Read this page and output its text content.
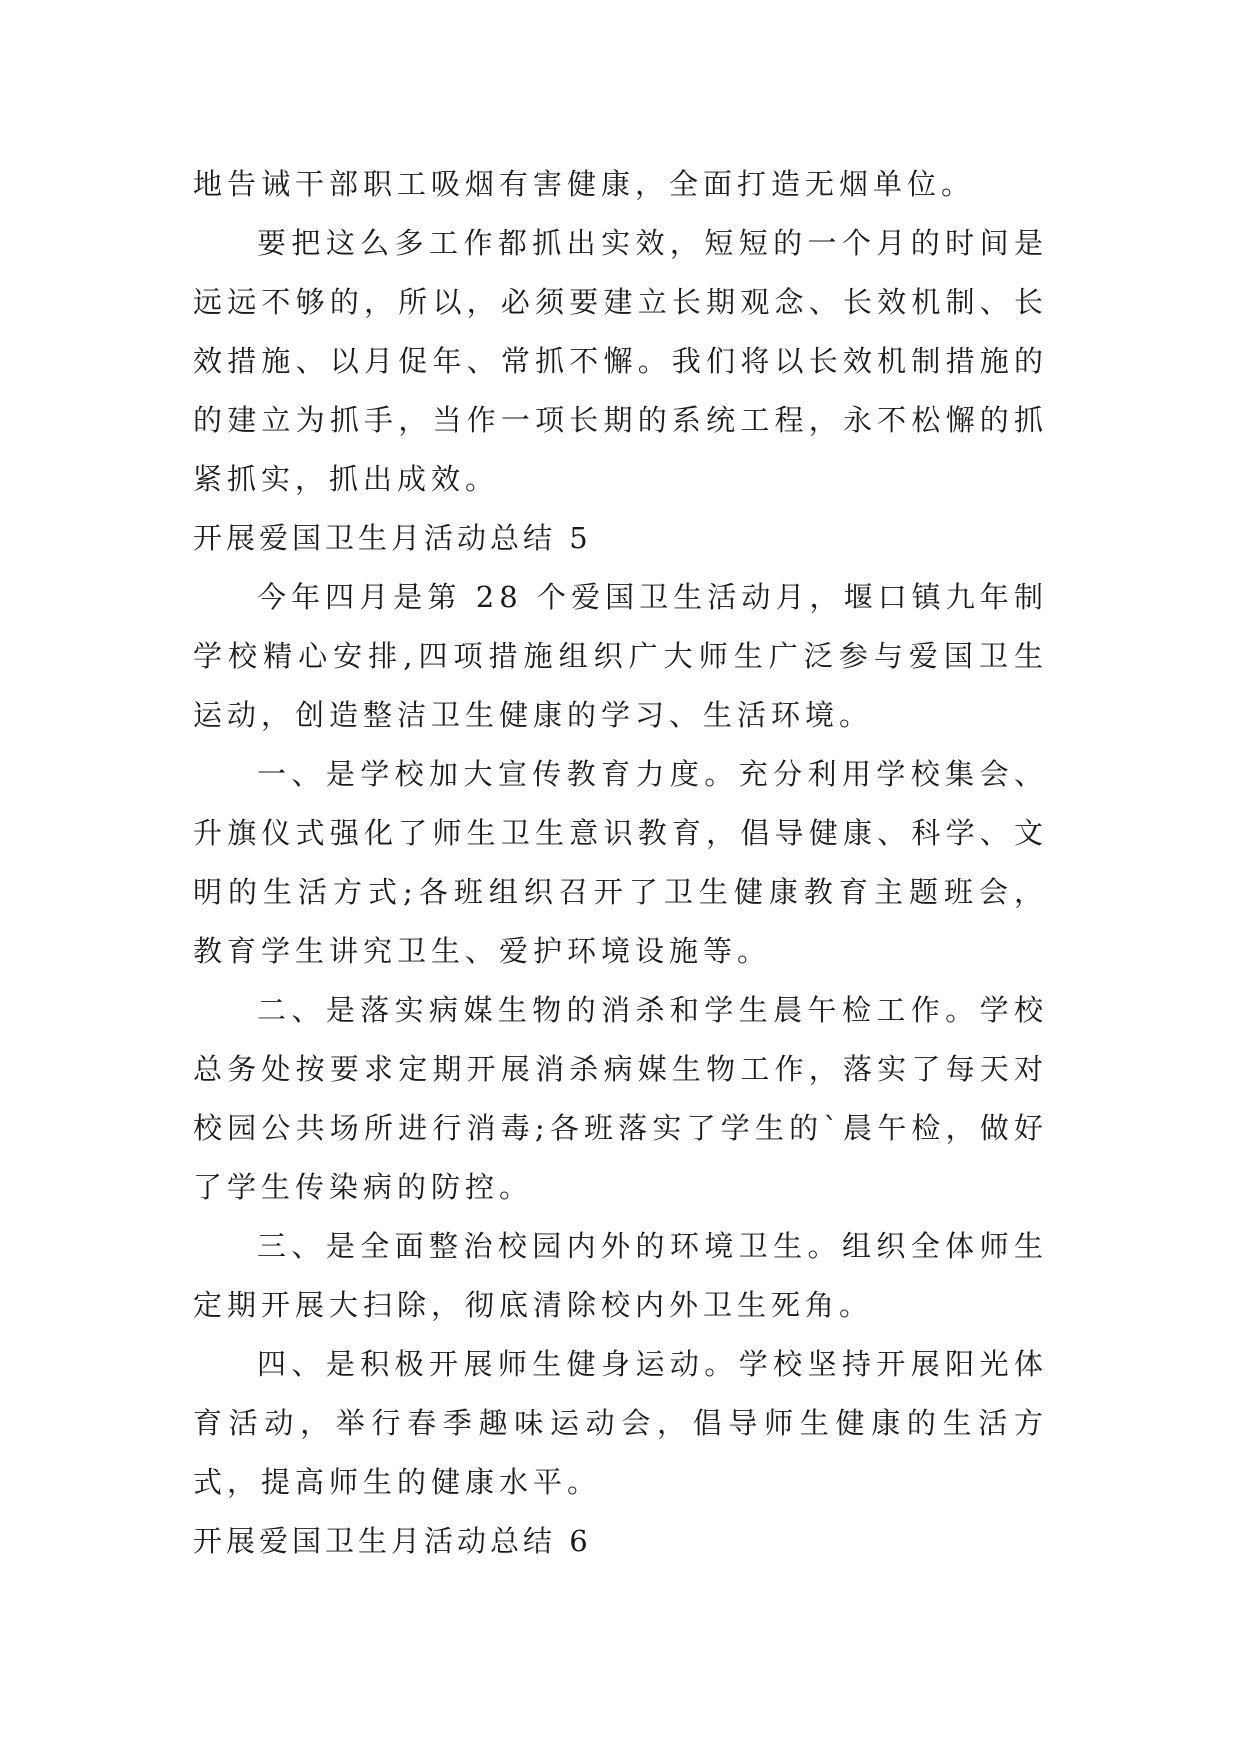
地告诫干部职工吸烟有害健康，全面打造无烟单位。

要把这么多工作都抓出实效，短短的一个月的时间是远远不够的，所以，必须要建立长期观念、长效机制、长效措施、以月促年、常抓不懈。我们将以长效机制措施的的建立为抓手，当作一项长期的系统工程，永不松懈的抓紧抓实，抓出成效。

开展爱国卫生月活动总结 5

今年四月是第 28 个爱国卫生活动月，堰口镇九年制学校精心安排,四项措施组织广大师生广泛参与爱国卫生运动，创造整洁卫生健康的学习、生活环境。

一、是学校加大宣传教育力度。充分利用学校集会、升旗仪式强化了师生卫生意识教育，倡导健康、科学、文明的生活方式;各班组织召开了卫生健康教育主题班会，教育学生讲究卫生、爱护环境设施等。

二、是落实病媒生物的消杀和学生晨午检工作。学校总务处按要求定期开展消杀病媒生物工作，落实了每天对校园公共场所进行消毒;各班落实了学生的`晨午检，做好了学生传染病的防控。

三、是全面整治校园内外的环境卫生。组织全体师生定期开展大扫除，彻底清除校内外卫生死角。

四、是积极开展师生健身运动。学校坚持开展阳光体育活动，举行春季趣味运动会，倡导师生健康的生活方式，提高师生的健康水平。

开展爱国卫生月活动总结 6
